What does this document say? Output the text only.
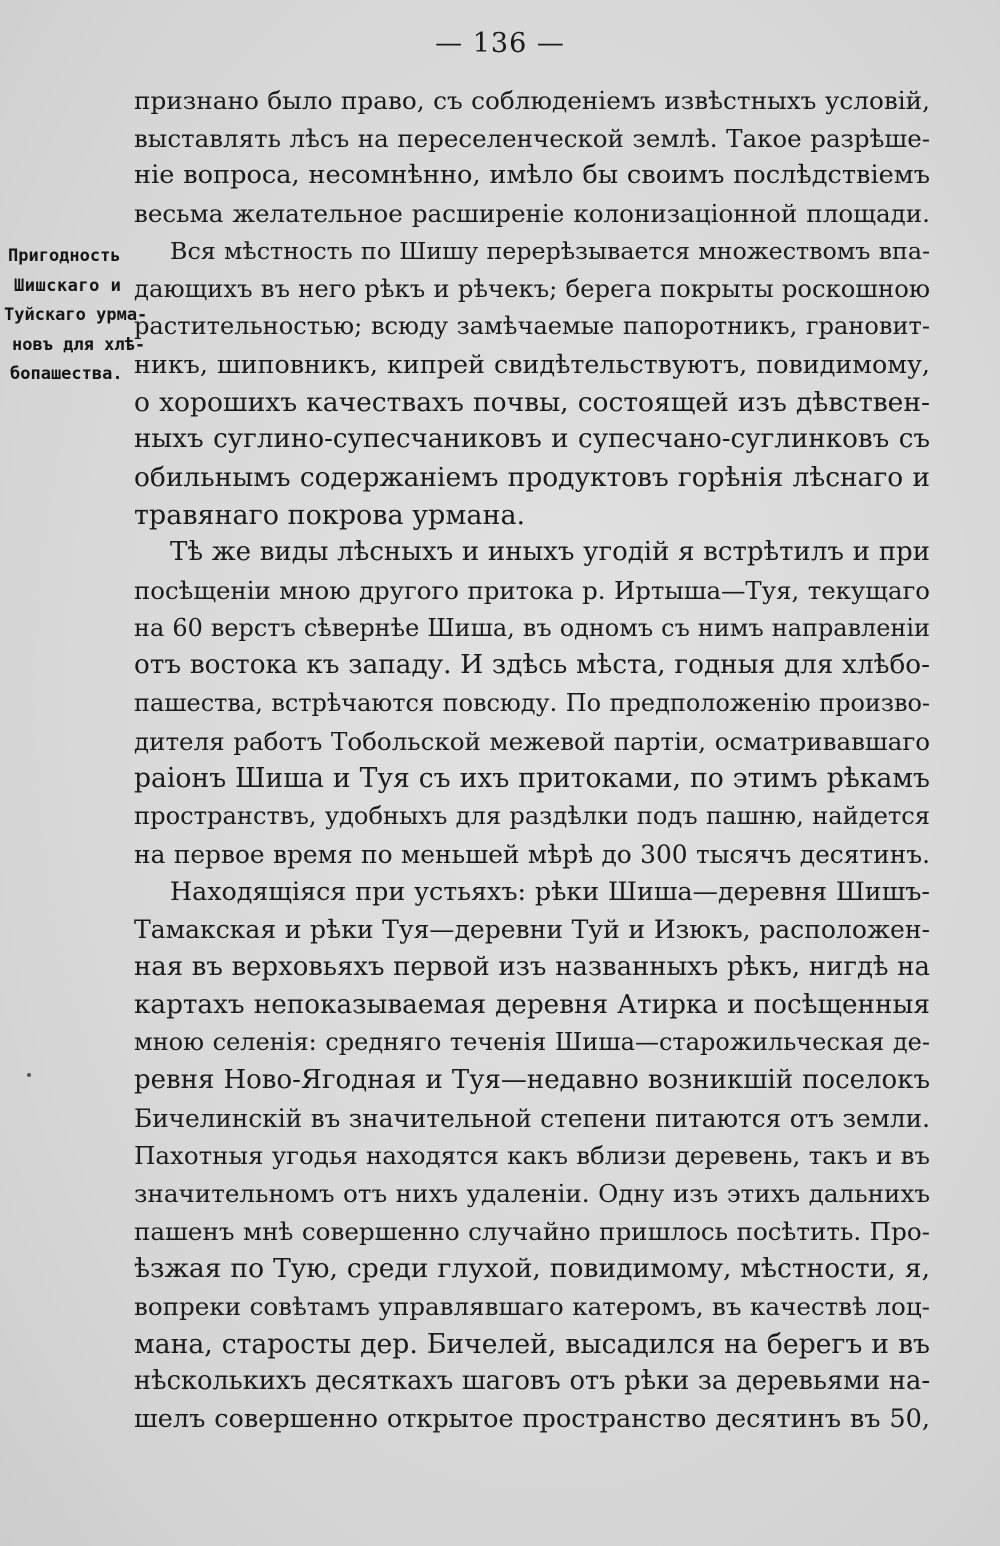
— 136 —
Пригодность
Шишскаго и
Туйскаго урма-
новъ для хлѣ-
бопашества.
признано было право, съ соблюденіемъ извѣстныхъ условій,
выставлять лѣсъ на переселенческой землѣ. Такое разрѣше-
ніе вопроса, несомнѣнно, имѣло бы своимъ послѣдствіемъ
весьма желательное расширеніе колонизаціонной площади.
Вся мѣстность по Шишу перерѣзывается множествомъ впа-
дающихъ въ него рѣкъ и рѣчекъ; берега покрыты роскошною
растительностью; всюду замѣчаемые папоротникъ, грановит-
никъ, шиповникъ, кипрей свидѣтельствуютъ, повидимому,
о хорошихъ качествахъ почвы, состоящей изъ дѣвствен-
ныхъ суглино-супесчаниковъ и супесчано-суглинковъ съ
обильнымъ содержаніемъ продуктовъ горѣнія лѣснаго и
травянаго покрова урмана.
Тѣ же виды лѣсныхъ и иныхъ угодій я встрѣтилъ и при
посѣщеніи мною другого притока р. Иртыша—Туя, текущаго
на 60 верстъ сѣвернѣе Шиша, въ одномъ съ нимъ направленіи
отъ востока къ западу. И здѣсь мѣста, годныя для хлѣбо-
пашества, встрѣчаются повсюду. По предположенію произво-
дителя работъ Тобольской межевой партіи, осматривавшаго
раіонъ Шиша и Туя съ ихъ притоками, по этимъ рѣкамъ
пространствъ, удобныхъ для раздѣлки подъ пашню, найдется
на первое время по меньшей мѣрѣ до 300 тысячъ десятинъ.
Находящіяся при устьяхъ: рѣки Шиша—деревня Шишъ-
Тамакская и рѣки Туя—деревни Туй и Изюкъ, расположен-
ная въ верховьяхъ первой изъ названныхъ рѣкъ, нигдѣ на
картахъ непоказываемая деревня Атирка и посѣщенныя
мною селенія: средняго теченія Шиша—старожильческая де-
ревня Ново-Ягодная и Туя—недавно возникшій поселокъ
Бичелинскій въ значительной степени питаются отъ земли.
Пахотныя угодья находятся какъ вблизи деревень, такъ и въ
значительномъ отъ нихъ удаленіи. Одну изъ этихъ дальнихъ
пашенъ мнѣ совершенно случайно пришлось посѣтить. Про-
ѣзжая по Тую, среди глухой, повидимому, мѣстности, я,
вопреки совѣтамъ управлявшаго катеромъ, въ качествѣ лоц-
мана, старосты дер. Бичелей, высадился на берегъ и въ
нѣсколькихъ десяткахъ шаговъ отъ рѣки за деревьями на-
шелъ совершенно открытое пространство десятинъ въ 50,
